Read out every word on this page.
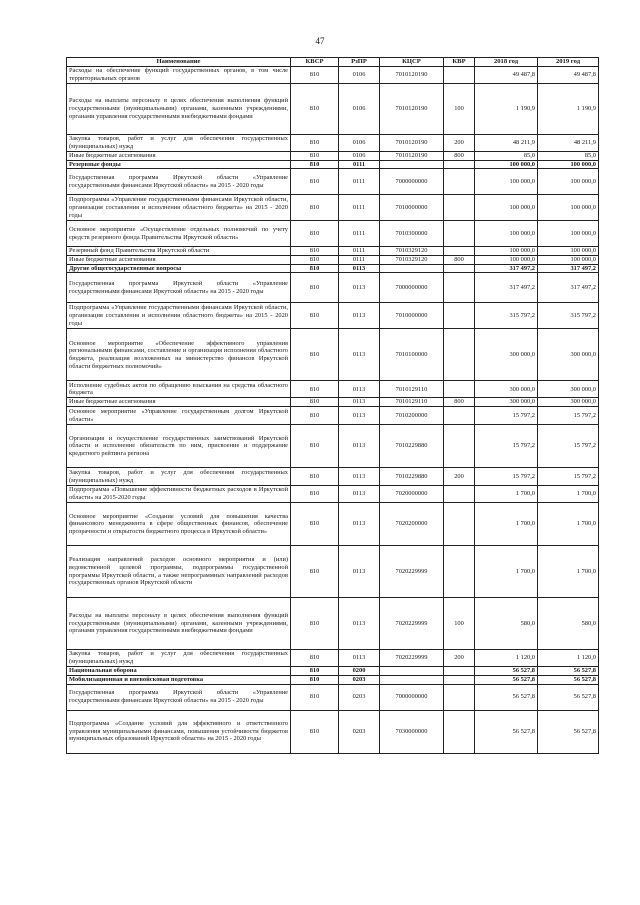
47
Наименование	КВСР	РзПР	КЦСР	КВР	2018 год	2019 год
Расходы на обеспечение функций государственных органов, в том числе территориальных органов	810	0106	7010120190		49 487,8	49 487,8
Расходы на выплаты персоналу в целях обеспечения выполнения функций государственными (муниципальными) органами, казенными учреждениями, органами управления государственными внебюджетными фондами	810	0106	7010120190	100	1 190,9	1 190,9
Закупка товаров, работ и услуг для обеспечения государственных (муниципальных) нужд	810	0106	7010120190	200	48 211,9	48 211,9
Иные бюджетные ассигнования	810	0106	7010120190	800	85,0	85,0
Резервные фонды	810	0111			100 000,0	100 000,0
Государственная программа Иркутской области «Управление государственными финансами Иркутской области» на 2015 - 2020 годы	810	0111	7000000000		100 000,0	100 000,0
Подпрограмма «Управление государственными финансами Иркутской области, организация составления и исполнения областного бюджета» на 2015 - 2020 годы	810	0111	7010000000		100 000,0	100 000,0
Основное мероприятие «Осуществление отдельных полномочий по учету средств резервного фонда Правительства Иркутской области»	810	0111	7010300000		100 000,0	100 000,0
Резервный фонд Правительства Иркутской области	810	0111	7010329120		100 000,0	100 000,0
Иные бюджетные ассигнования	810	0111	7010329120	800	100 000,0	100 000,0
Другие общегосударственные вопросы	810	0113			317 497,2	317 497,2
Государственная программа Иркутской области «Управление государственными финансами Иркутской области» на 2015 - 2020 годы	810	0113	7000000000		317 497,2	317 497,2
Подпрограмма «Управление государственными финансами Иркутской области, организация составления и исполнения областного бюджета» на 2015 - 2020 годы	810	0113	7010000000		315 797,2	315 797,2
Основное мероприятие «Обеспечение эффективного управления региональными финансами, составление и организация исполнения областного бюджета, реализация возложенных на министерство финансов Иркутской области бюджетных полномочий»	810	0113	7010100000		300 000,0	300 000,0
Исполнение судебных актов по обращению взыскания на средства областного бюджета	810	0113	7010129110		300 000,0	300 000,0
Иные бюджетные ассигнования	810	0113	7010129110	800	300 000,0	300 000,0
Основное мероприятие «Управление государственным долгом Иркутской области»	810	0113	7010200000		15 797,2	15 797,2
Организация и осуществление государственных заимствований Иркутской области и исполнение обязательств по ним, присвоение и поддержание кредитного рейтинга региона	810	0113	7010229880		15 797,2	15 797,2
Закупка товаров, работ и услуг для обеспечения государственных (муниципальных) нужд	810	0113	7010229880	200	15 797,2	15 797,2
Подпрограмма «Повышение эффективности бюджетных расходов в Иркутской области» на 2015-2020 годы	810	0113	7020000000		1 700,0	1 700,0
Основное мероприятие «Создание условий для повышения качества финансового менеджмента в сфере общественных финансов, обеспечение прозрачности и открытости бюджетного процесса в Иркутской области»	810	0113	7020200000		1 700,0	1 700,0
Реализация направлений расходов основного мероприятия и (или) ведомственной целевой программы, подпрограммы государственной программы Иркутской области, а также непрограммных направлений расходов государственных органов Иркутской области	810	0113	7020229999		1 700,0	1 700,0
Расходы на выплаты персоналу в целях обеспечения выполнения функций государственными (муниципальными) органами, казенными учреждениями, органами управления государственными внебюджетными фондами	810	0113	7020229999	100	580,0	580,0
Закупка товаров, работ и услуг для обеспечения государственных (муниципальных) нужд	810	0113	7020229999	200	1 120,0	1 120,0
Национальная оборона	810	0200			56 527,8	56 527,8
Мобилизационная и вневойсковая подготовка	810	0203			56 527,8	56 527,8
Государственная программа Иркутской области «Управление государственными финансами Иркутской области» на 2015 - 2020 годы	810	0203	7000000000		56 527,8	56 527,8
Подпрограмма «Создание условий для эффективного и ответственного управления муниципальными финансами, повышения устойчивости бюджетов муниципальных образований Иркутской области» на 2015 - 2020 годы	810	0203	7030000000		56 527,8	56 527,8
